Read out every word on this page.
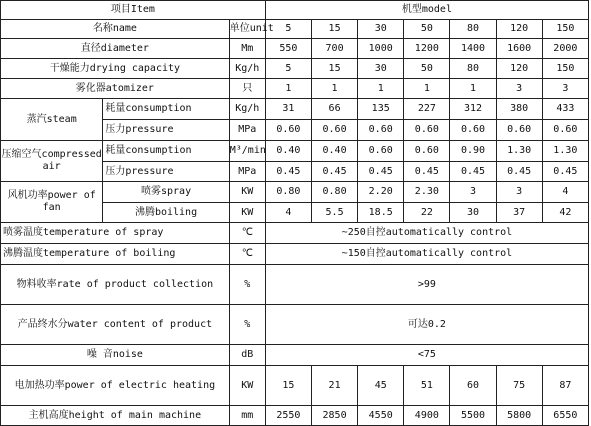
项目Item			机型model						
名称name		单位unit	5	15	30	50	80	120	150
直径diameter		Mm	550	700	1000	1200	1400	1600	2000
干燥能力drying capacity		Kg/h	5	15	30	50	80	120	150
雾化器atomizer		只	1	1	1	1	1	3	3
蒸汽steam	耗量consumption	Kg/h	31	66	135	227	312	380	433
	压力pressure	MPa	0.60	0.60	0.60	0.60	0.60	0.60	0.60
压缩空气compressed air	耗量consumption	M³/min	0.40	0.40	0.60	0.60	0.90	1.30	1.30
	压力pressure	MPa	0.45	0.45	0.45	0.45	0.45	0.45	0.45
风机功率power of fan	喷雾spray	KW	0.80	0.80	2.20	2.30	3	3	4
	沸腾boiling	KW	4	5.5	18.5	22	30	37	42
喷雾温度temperature of spray		℃	~250自控automatically control						
沸腾温度temperature of boiling		℃	~150自控automatically control						
物料收率rate of product collection		%	>99						
产品终水分water content of product		%	可达0.2						
噪 音noise		dB	<75						
电加热功率power of electric heating		KW	15	21	45	51	60	75	87
主机高度height of main machine		mm	2550	2850	4550	4900	5500	5800	6550
